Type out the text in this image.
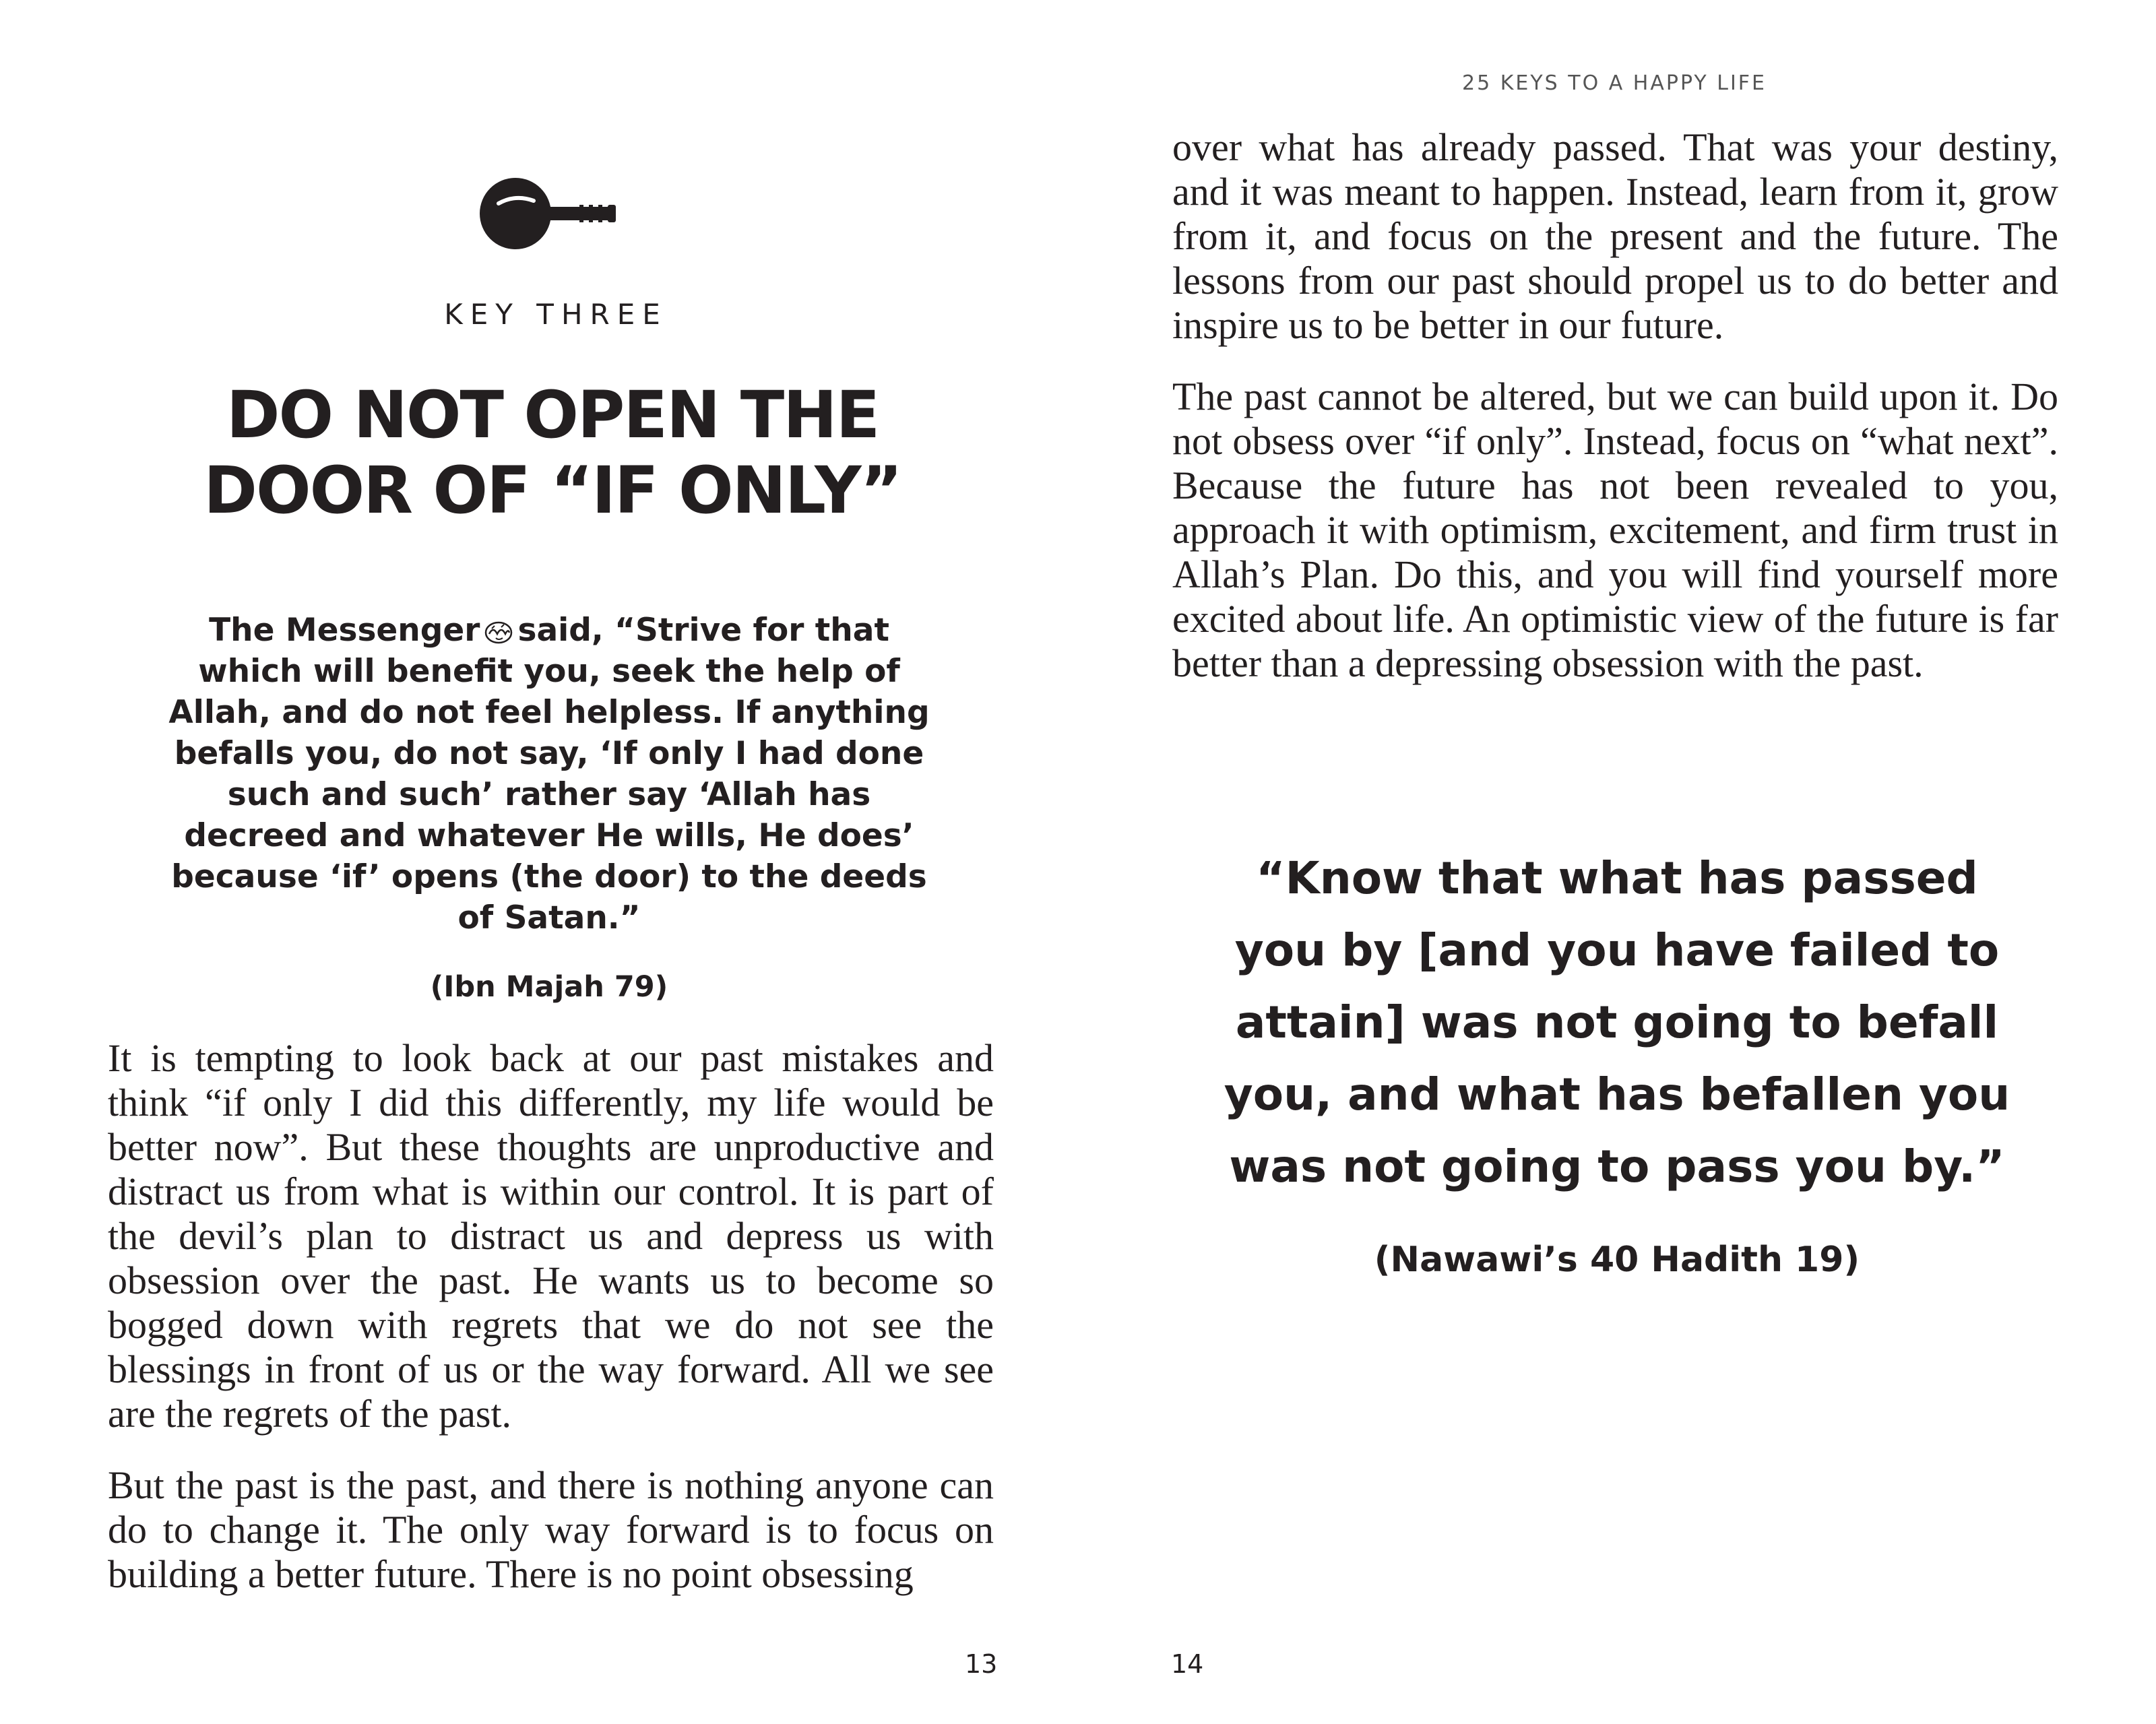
KEY THREE
DO NOT OPEN THE
DOOR OF “IF ONLY”

The Messenger said, “Strive for that which will benefit you, seek the help of Allah, and do not feel helpless. If anything befalls you, do not say, ‘If only I had done such and such’ rather say ‘Allah has decreed and whatever He wills, He does’ because ‘if’ opens (the door) to the deeds of Satan.”

(Ibn Majah 79)

It is tempting to look back at our past mistakes and think “if only I did this differently, my life would be better now”. But these thoughts are unproductive and distract us from what is within our control. It is part of the devil’s plan to distract us and depress us with obsession over the past. He wants us to become so bogged down with regrets that we do not see the blessings in front of us or the way forward. All we see are the regrets of the past.

But the past is the past, and there is nothing anyone can do to change it. The only way forward is to focus on building a better future. There is no point obsessing

13
25 KEYS TO A HAPPY LIFE

over what has already passed. That was your destiny, and it was meant to happen. Instead, learn from it, grow from it, and focus on the present and the future. The lessons from our past should propel us to do better and inspire us to be better in our future.

The past cannot be altered, but we can build upon it. Do not obsess over “if only”. Instead, focus on “what next”. Because the future has not been revealed to you, approach it with optimism, excitement, and firm trust in Allah’s Plan. Do this, and you will find yourself more excited about life. An optimistic view of the future is far better than a depressing obsession with the past.

“Know that what has passed you by [and you have failed to attain] was not going to befall you, and what has befallen you was not going to pass you by.”

(Nawawi’s 40 Hadith 19)
14
